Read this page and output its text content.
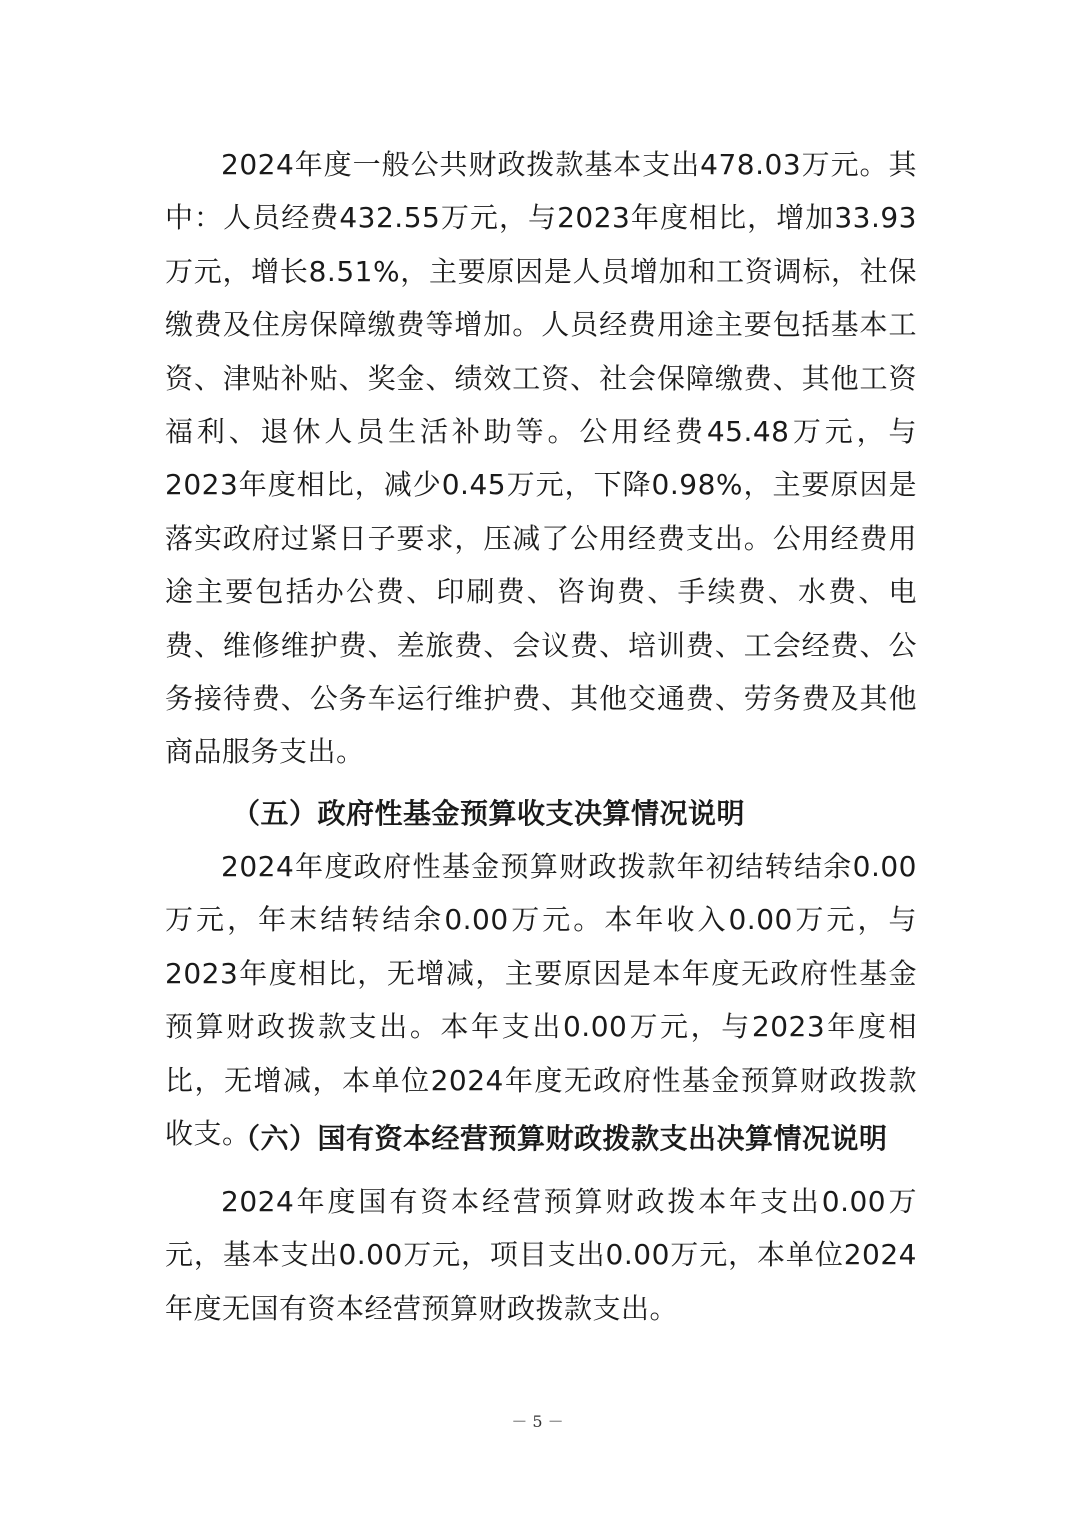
2024年度一般公共财政拨款基本支出478.03万元。其中：人员经费432.55万元，与2023年度相比，增加33.93万元，增长8.51%，主要原因是人员增加和工资调标，社保缴费及住房保障缴费等增加。人员经费用途主要包括基本工资、津贴补贴、奖金、绩效工资、社会保障缴费、其他工资福利、退休人员生活补助等。公用经费45.48万元，与2023年度相比，减少0.45万元，下降0.98%，主要原因是落实政府过紧日子要求，压减了公用经费支出。公用经费用途主要包括办公费、印刷费、咨询费、手续费、水费、电费、维修维护费、差旅费、会议费、培训费、工会经费、公务接待费、公务车运行维护费、其他交通费、劳务费及其他商品服务支出。

（五）政府性基金预算收支决算情况说明

2024年度政府性基金预算财政拨款年初结转结余0.00万元，年末结转结余0.00万元。本年收入0.00万元，与2023年度相比，无增减，主要原因是本年度无政府性基金预算财政拨款支出。本年支出0.00万元，与2023年度相比，无增减，本单位2024年度无政府性基金预算财政拨款收支。

（六）国有资本经营预算财政拨款支出决算情况说明

2024年度国有资本经营预算财政拨本年支出0.00万元，基本支出0.00万元，项目支出0.00万元，本单位2024年度无国有资本经营预算财政拨款支出。

－ 5 －
